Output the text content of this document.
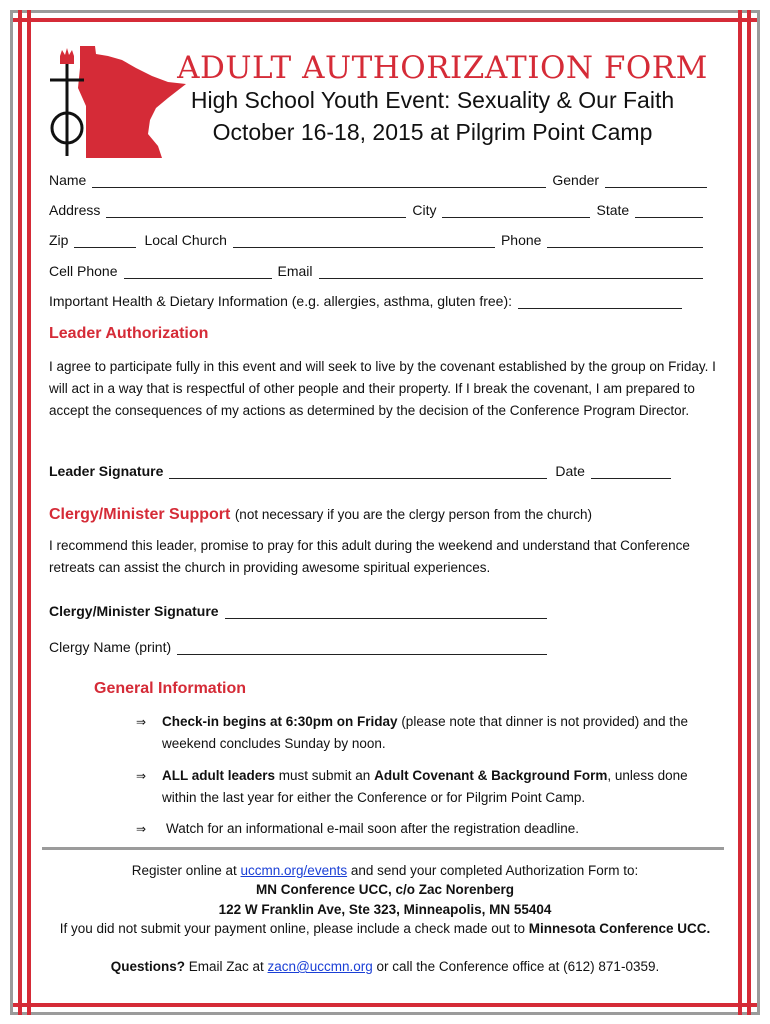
ADULT AUTHORIZATION FORM
High School Youth Event: Sexuality & Our Faith
October 16-18, 2015 at Pilgrim Point Camp
Name	Gender
Address	City	State
Zip	Local Church	Phone
Cell Phone	Email
Important Health & Dietary Information (e.g. allergies, asthma, gluten free):
Leader Authorization
I agree to participate fully in this event and will seek to live by the covenant established by the group on Friday. I will act in a way that is respectful of other people and their property. If I break the covenant, I am prepared to accept the consequences of my actions as determined by the decision of the Conference Program Director.
Leader Signature	Date
Clergy/Minister Support (not necessary if you are the clergy person from the church)
I recommend this leader, promise to pray for this adult during the weekend and understand that Conference retreats can assist the church in providing awesome spiritual experiences.
Clergy/Minister Signature
Clergy Name (print)
General Information
⇒	Check-in begins at 6:30pm on Friday (please note that dinner is not provided) and the weekend concludes Sunday by noon.
⇒	ALL adult leaders must submit an Adult Covenant & Background Form, unless done within the last year for either the Conference or for Pilgrim Point Camp.
⇒	Watch for an informational e-mail soon after the registration deadline.
Register online at uccmn.org/events and send your completed Authorization Form to:
MN Conference UCC, c/o Zac Norenberg
122 W Franklin Ave, Ste 323, Minneapolis, MN 55404
If you did not submit your payment online, please include a check made out to Minnesota Conference UCC.
Questions? Email Zac at zacn@uccmn.org or call the Conference office at (612) 871-0359.
